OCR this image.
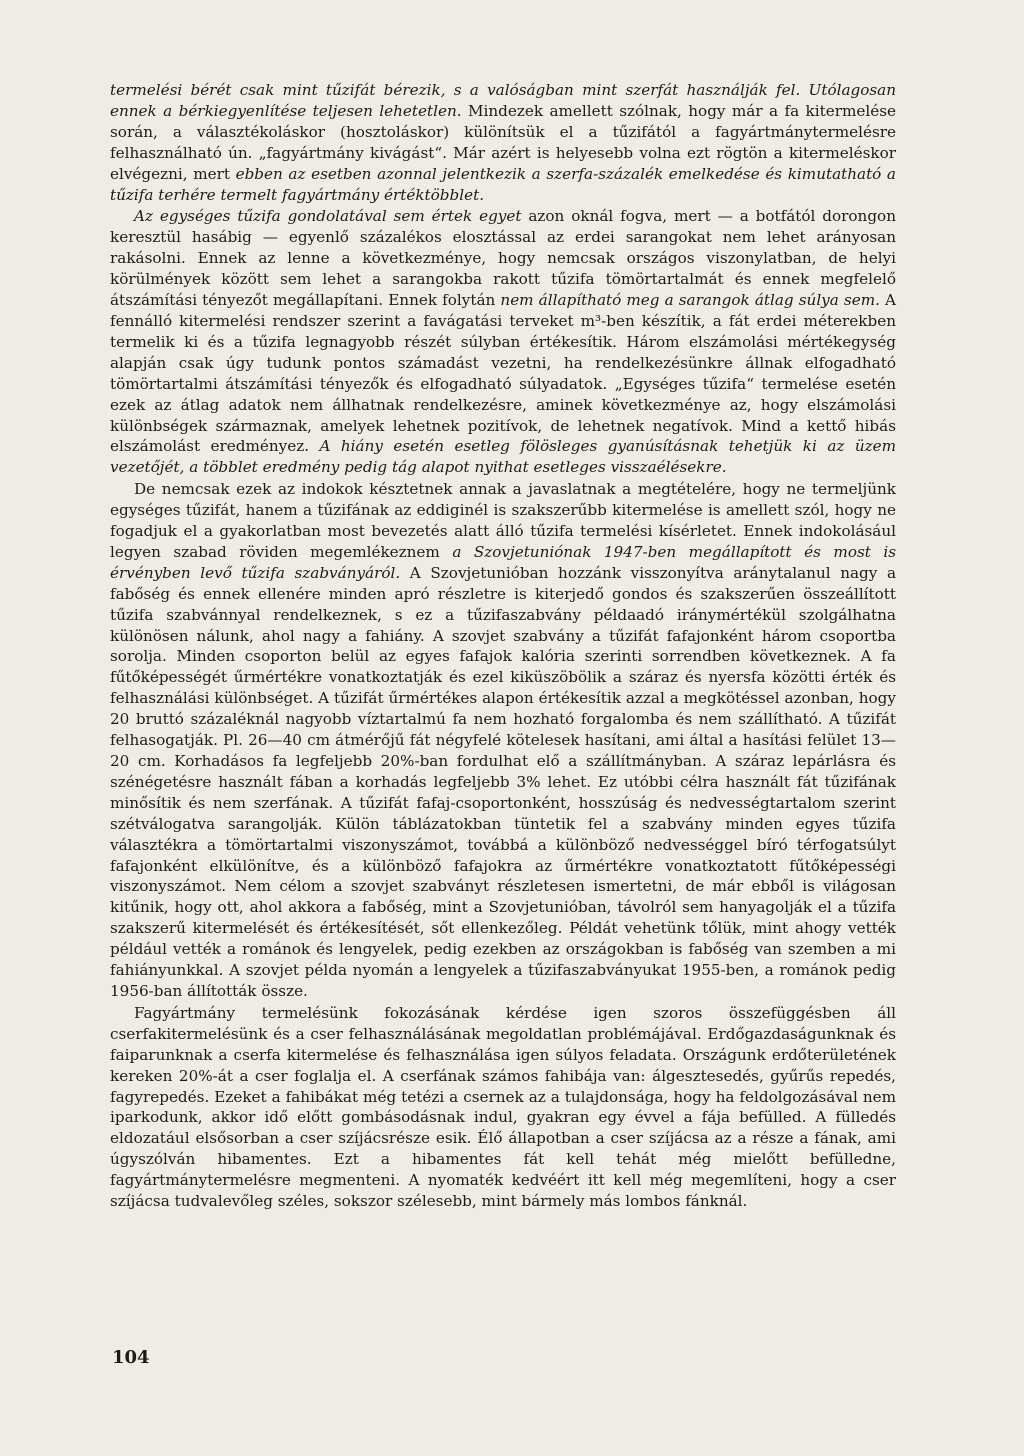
termelési bérét csak mint tűzifát bérezik, s a valóságban mint szerfát használják fel. Utólagosan ennek a bérkiegyenlítése teljesen lehetetlen. Mindezek amellett szólnak, hogy már a fa kitermelése során, a választékoláskor (hosztoláskor) különítsük el a tűzifától a fagyártmánytermelésre felhasználható ún. „fagyártmány kivágást“. Már azért is helyesebb volna ezt rögtön a kitermeléskor elvégezni, mert ebben az esetben azonnal jelentkezik a szerfa-százalék emelkedése és kimutatható a tűzifa terhére termelt fagyártmány értéktöbblet.

Az egységes tűzifa gondolatával sem értek egyet azon oknál fogva, mert — a botfától dorongon keresztül hasábig — egyenlő százalékos elosztással az erdei sarangokat nem lehet arányosan rakásolni. Ennek az lenne a következménye, hogy nemcsak országos viszonylatban, de helyi körülmények között sem lehet a sarangokba rakott tűzifa tömörtartalmát és ennek megfelelő átszámítási tényezőt megállapítani. Ennek folytán nem állapítható meg a sarangok átlag súlya sem. A fennálló kitermelési rendszer szerint a favágatási terveket m³-ben készítik, a fát erdei méterekben termelik ki és a tűzifa legnagyobb részét súlyban értékesítik. Három elszámolási mértékegység alapján csak úgy tudunk pontos számadást vezetni, ha rendelkezésünkre állnak elfogadható tömörtartalmi átszámítási tényezők és elfogadható súlyadatok. „Egységes tűzifa“ termelése esetén ezek az átlag adatok nem állhatnak rendelkezésre, aminek következménye az, hogy elszámolási különbségek származnak, amelyek lehetnek pozitívok, de lehetnek negatívok. Mind a kettő hibás elszámolást eredményez. A hiány esetén esetleg fölösleges gyanúsításnak tehetjük ki az üzem vezetőjét, a többlet eredmény pedig tág alapot nyithat esetleges visszaélésekre.

De nemcsak ezek az indokok késztetnek annak a javaslatnak a megtételére, hogy ne termeljünk egységes tűzifát, hanem a tűzifának az eddiginél is szakszerűbb kitermelése is amellett szól, hogy ne fogadjuk el a gyakorlatban most bevezetés alatt álló tűzifa termelési kísérletet. Ennek indokolásául legyen szabad röviden megemlékeznem a Szovjetuniónak 1947-ben megállapított és most is érvényben levő tűzifa szabványáról. A Szovjetunióban hozzánk visszonyítva aránytalanul nagy a fabőség és ennek ellenére minden apró részletre is kiterjedő gondos és szakszerűen összeállított tűzifa szabvánnyal rendelkeznek, s ez a tűzifaszabvány példaadó iránymértékül szolgálhatna különösen nálunk, ahol nagy a fahiány. A szovjet szabvány a tűzifát fafajonként három csoportba sorolja. Minden csoporton belül az egyes fafajok kalória szerinti sorrendben következnek. A fa fűtőképességét űrmértékre vonatkoztatják és ezel kiküszöbölik a száraz és nyersfa közötti érték és felhasználási különbséget. A tűzifát űrmértékes alapon értékesítik azzal a megkötéssel azonban, hogy 20 bruttó százaléknál nagyobb víztartalmú fa nem hozható forgalomba és nem szállítható. A tűzifát felhasogatják. Pl. 26—40 cm átmérőjű fát négyfelé kötelesek hasítani, ami által a hasítási felület 13—20 cm. Korhadásos fa legfeljebb 20%-ban fordulhat elő a szállítmányban. A száraz lepárlásra és szénégetésre használt fában a korhadás legfeljebb 3% lehet. Ez utóbbi célra használt fát tűzifának minősítik és nem szerfának. A tűzifát fafaj-csoportonként, hosszúság és nedvességtartalom szerint szétválogatva sarangolják. Külön táblázatokban tüntetik fel a szabvány minden egyes tűzifa választékra a tömörtartalmi viszonyszámot, továbbá a különböző nedvességgel bíró térfogatsúlyt fafajonként elkülönítve, és a különböző fafajokra az űrmértékre vonatkoztatott fűtőképességi viszonyszámot. Nem célom a szovjet szabványt részletesen ismertetni, de már ebből is világosan kitűnik, hogy ott, ahol akkora a fabőség, mint a Szovjetunióban, távolról sem hanyagolják el a tűzifa szakszerű kitermelését és értékesítését, sőt ellenkezőleg. Példát vehetünk tőlük, mint ahogy vették például vették a románok és lengyelek, pedig ezekben az országokban is fabőség van szemben a mi fahiányunkkal. A szovjet példa nyomán a lengyelek a tűzifaszabványukat 1955-ben, a románok pedig 1956-ban állították össze.

Fagyártmány termelésünk fokozásának kérdése igen szoros összefüggésben áll cserfakitermelésünk és a cser felhasználásának megoldatlan problémájával. Erdőgazdaságunknak és faiparunknak a cserfa kitermelése és felhasználása igen súlyos feladata. Országunk erdőterületének kereken 20%-át a cser foglalja el. A cserfának számos fahibája van: álgesztesedés, gyűrűs repedés, fagyrepedés. Ezeket a fahibákat még tetézi a csernek az a tulajdonsága, hogy ha feldolgozásával nem iparkodunk, akkor idő előtt gombásodásnak indul, gyakran egy évvel a fája befülled. A fülledés eldozatául elsősorban a cser szíjácsrésze esik. Élő állapotban a cser szíjácsa az a része a fának, ami úgyszólván hibamentes. Ezt a hibamentes fát kell tehát még mielőtt befülledne, fagyártmánytermelésre megmenteni. A nyomaték kedvéért itt kell még megemlíteni, hogy a cser szíjácsa tudvalevőleg széles, sokszor szélesebb, mint bármely más lombos fánknál.

104
